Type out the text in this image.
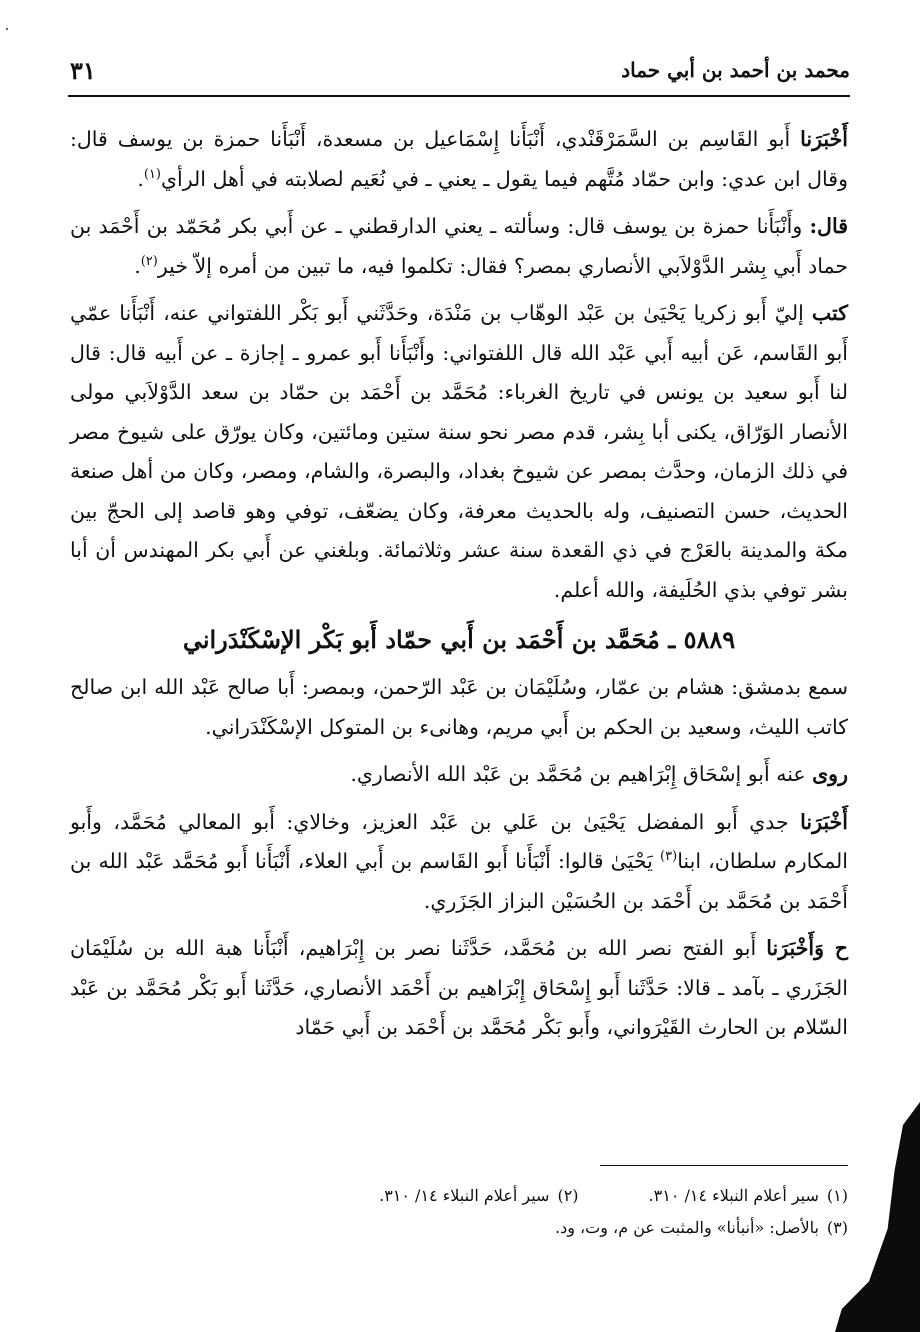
محمد بن أحمد بن أبي حماد
٣١

أَخْبَرَنا أَبو القَاسِم بن السَّمَرْقَنْدي، أَنْبَأَنا إِسْمَاعيل بن مسعدة، أَنْبَأَنا حمزة بن يوسف قال: وقال ابن عدي: وابن حمّاد مُتَّهم فيما يقول ـ يعني ـ في نُعَيم لصلابته في أهل الرأي$^{(١)}$.

قال: وأَنْبَأَنا حمزة بن يوسف قال: وسألته ـ يعني الدارقطني ـ عن أَبي بكر مُحَمّد بن أَحْمَد بن حماد أَبي بِشر الدَّوْلاَبي الأنصاري بمصر؟ فقال: تكلموا فيه، ما تبين من أمره إلاّ خير$^{(٢)}$.

كتب إليّ أَبو زكريا يَحْيَىٰ بن عَبْد الوهّاب بن مَنْدَة، وحَدَّثَني أَبو بَكْر اللفتواني عنه، أَنْبَأَنا عمّي أَبو القَاسم، عَن أبيه أَبي عَبْد الله قال اللفتواني: وأَنْبَأَنا أَبو عمرو ـ إجازة ـ عن أَبيه قال: قال لنا أَبو سعيد بن يونس في تاريخ الغرباء: مُحَمَّد بن أَحْمَد بن حمّاد بن سعد الدَّوْلاَبي مولى الأنصار الوَرّاق، يكنى أبا بِشر، قدم مصر نحو سنة ستين ومائتين، وكان يورّق على شيوخ مصر في ذلك الزمان، وحدَّث بمصر عن شيوخ بغداد، والبصرة، والشام، ومصر، وكان من أهل صنعة الحديث، حسن التصنيف، وله بالحديث معرفة، وكان يضعّف، توفي وهو قاصد إلى الحجّ بين مكة والمدينة بالعَرْج في ذي القعدة سنة عشر وثلاثمائة. وبلغني عن أَبي بكر المهندس أن أبا بشر توفي بذي الحُلَيفة، والله أعلم.

٥٨٨٩ ـ مُحَمَّد بن أَحْمَد بن أَبي حمّاد أَبو بَكْر الإسْكَنْدَراني

سمع بدمشق: هشام بن عمّار، وسُلَيْمَان بن عَبْد الرّحمن، وبمصر: أَبا صالح عَبْد الله ابن صالح كاتب الليث، وسعيد بن الحكم بن أَبي مريم، وهانىء بن المتوكل الإسْكَنْدَراني.

روى عنه أَبو إسْحَاق إِبْرَاهيم بن مُحَمَّد بن عَبْد الله الأنصاري.

أَخْبَرَنا جدي أَبو المفضل يَحْيَىٰ بن عَلي بن عَبْد العزيز، وخالاي: أَبو المعالي مُحَمَّد، وأَبو المكارم سلطان، ابنا$^{(٣)}$ يَحْيَىٰ قالوا: أَنْبَأَنا أَبو القَاسم بن أَبي العلاء، أَنْبَأَنا أَبو مُحَمَّد عَبْد الله بن أَحْمَد بن مُحَمَّد بن أَحْمَد بن الحُسَيْن البزاز الجَزَري.

ح وَأَخْبَرَنا أَبو الفتح نصر الله بن مُحَمَّد، حَدَّثَنا نصر بن إِبْرَاهيم، أَنْبَأَنا هبة الله بن سُلَيْمَان الجَزَري ـ بآمد ـ قالا: حَدَّثَنا أَبو إِسْحَاق إِبْرَاهيم بن أَحْمَد الأنصاري، حَدَّثَنا أَبو بَكْر مُحَمَّد بن عَبْد السّلام بن الحارث القَيْرَواني، وأَبو بَكْر مُحَمَّد بن أَحْمَد بن أَبي حَمّاد

(١)سير أعلام النبلاء ١٤/ ٣١٠.
(٢)سير أعلام النبلاء ١٤/ ٣١٠.
(٣)بالأصل: «أنبأنا» والمثبت عن م، وت، ود.
